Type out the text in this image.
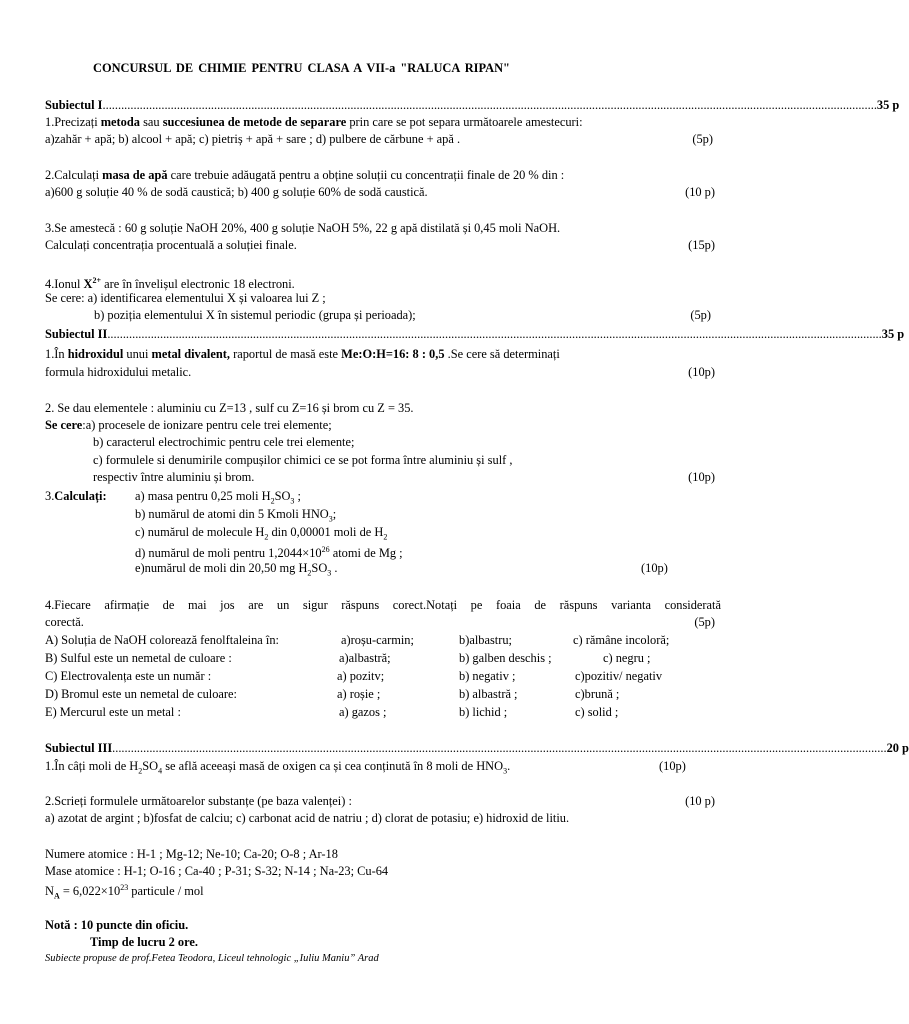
CONCURSUL DE CHIMIE PENTRU CLASA A VII-a "RALUCA RIPAN"
Subiectul I .......................................................................................................................................................................................................................................................... 35 p
1.Precizați metoda sau succesiunea de metode de separare prin care se pot separa următoarele amestecuri:
a)zahăr + apă; b) alcool + apă; c) pietriș + apă + sare ; d) pulbere de cărbune + apă .	(5p)
2.Calculați masa de apă care trebuie adăugată pentru a obține soluții cu concentrații finale de 20 % din :
a)600 g soluție 40 % de sodă caustică; b) 400 g soluție 60% de sodă caustică.	(10 p)
3.Se amestecă : 60 g soluție NaOH 20%, 400 g soluție NaOH 5%, 22 g apă distilată și 0,45 moli NaOH.
Calculați concentrația procentuală a soluției finale.	(15p)
4.Ionul $X^{2+}$ are în învelișul electronic 18 electroni.
Se cere: a) identificarea elementului X și valoarea lui Z ;
b) poziția elementului X în sistemul periodic (grupa și perioada);	(5p)
Subiectul II .......................................................................................................................................................................................................................................................... 35 p
1.În hidroxidul unui metal divalent, raportul de masă este Me:O:H=16: 8 : 0,5 .Se cere să determinați
formula hidroxidului metalic.	(10p)
2. Se dau elementele : aluminiu cu Z=13 , sulf cu Z=16 și brom cu Z = 35.
Se cere:a) procesele de ionizare pentru cele trei elemente;
b) caracterul electrochimic pentru cele trei elemente;
c) formulele si denumirile compușilor chimici ce se pot forma între aluminiu și sulf ,
respectiv între aluminiu și brom.	(10p)
3.Calculați: a) masa pentru 0,25 moli $H_2SO_3$ ;
b) numărul de atomi din 5 Kmoli $HNO_3$;
c) numărul de molecule $H_2$ din 0,00001 moli de $H_2$
d) numărul de moli pentru $1,2044\times 10^{26}$ atomi de Mg ;
e)numărul de moli din 20,50 mg $H_2SO_3$ .	(10p)
4.Fiecare afirmație de mai jos are un sigur răspuns corect.Notați pe foaia de răspuns varianta considerată
corectă.	(5p)
A) Soluția de NaOH colorează fenolftaleina în:	a)roșu-carmin;	b)albastru;	c) rămâne incoloră;
B) Sulful este un nemetal de culoare :	a)albastră;	b) galben deschis ;	c) negru ;
C) Electrovalența este un număr :	a) pozitv;	b) negativ ;	c)pozitiv/ negativ
D) Bromul este un nemetal de culoare:	a) roșie ;	b) albastră ;	c)brună ;
E) Mercurul este un metal :	a) gazos ;	b) lichid ;	c) solid ;
Subiectul III .......................................................................................................................................................................................................................................................... 20 p
1.În câți moli de $H_2SO_4$ se află aceeași masă de oxigen ca și cea conținută în 8 moli de $HNO_3$.	(10p)
2.Scrieți formulele următoarelor substanțe (pe baza valenței) :	(10 p)
a) azotat de argint ; b)fosfat de calciu; c) carbonat acid de natriu ; d) clorat de potasiu; e) hidroxid de litiu.
Numere atomice : H-1 ; Mg-12; Ne-10; Ca-20; O-8 ; Ar-18
Mase atomice : H-1; O-16 ; Ca-40 ; P-31; S-32; N-14 ; Na-23; Cu-64
$N_A = 6,022\times 10^{23}$ particule / mol
Notă : 10 puncte din oficiu.
Timp de lucru 2 ore.
Subiecte propuse de prof.Fetea Teodora, Liceul tehnologic „Iuliu Maniu” Arad
